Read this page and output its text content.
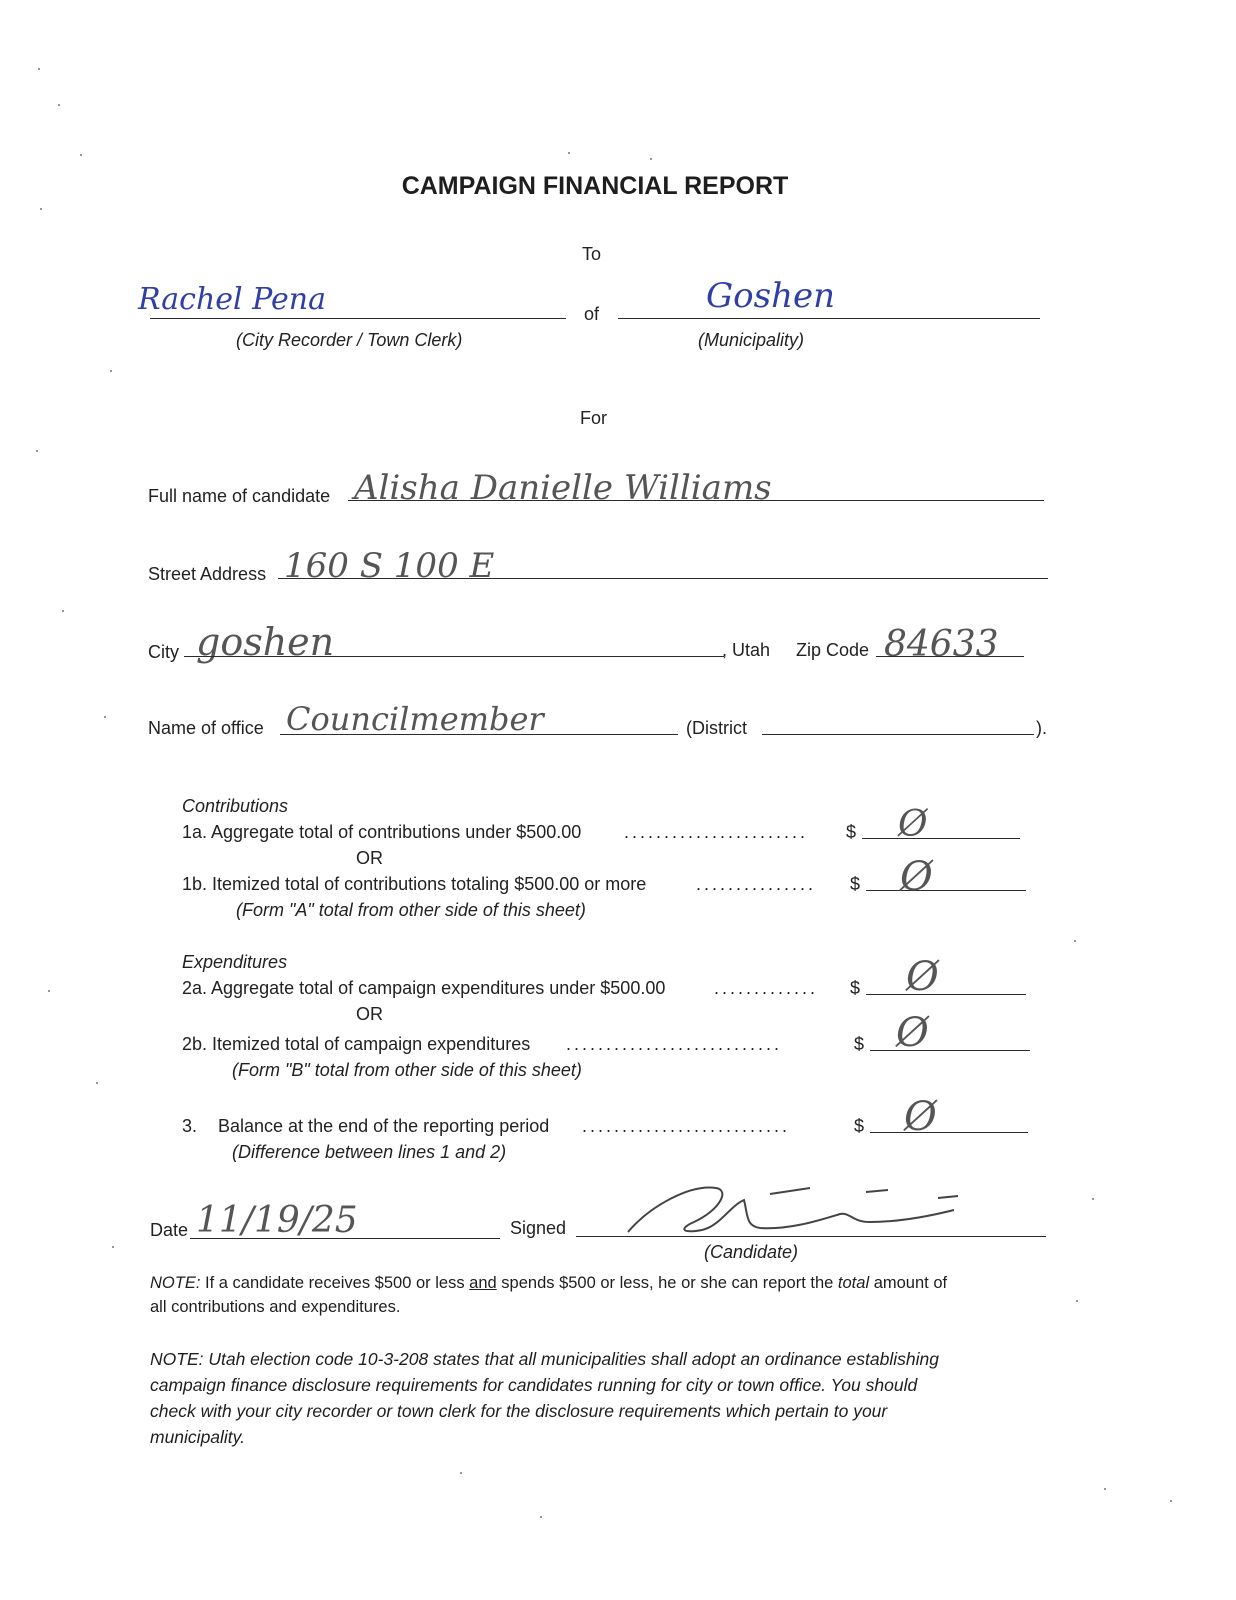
CAMPAIGN FINANCIAL REPORT
To
Rachel Pena
(City Recorder / Town Clerk)
of	Goshen
(Municipality)
For
Full name of candidate Alisha Danielle Williams
Street Address 160 S 100 E
City goshen	, Utah Zip Code 84633
Name of office Councilmember	(District	).
Contributions
1a. Aggregate total of contributions under $500.00 ....................... $ Ø
OR
1b. Itemized total of contributions totaling $500.00 or more	............... $ Ø
(Form "A" total from other side of this sheet)
Expenditures
2a. Aggregate total of campaign expenditures under $500.00	............. $ Ø
OR
2b. Itemized total of campaign expenditures ...........................	$ Ø
(Form "B" total from other side of this sheet)
3. Balance at the end of the reporting period ..........................	$ Ø
(Difference between lines 1 and 2)
Date 11/19/25	Signed
(Candidate)
NOTE: If a candidate receives $500 or less and spends $500 or less, he or she can report the total amount of
all contributions and expenditures.
NOTE: Utah election code 10-3-208 states that all municipalities shall adopt an ordinance establishing
campaign finance disclosure requirements for candidates running for city or town office. You should
check with your city recorder or town clerk for the disclosure requirements which pertain to your
municipality.
